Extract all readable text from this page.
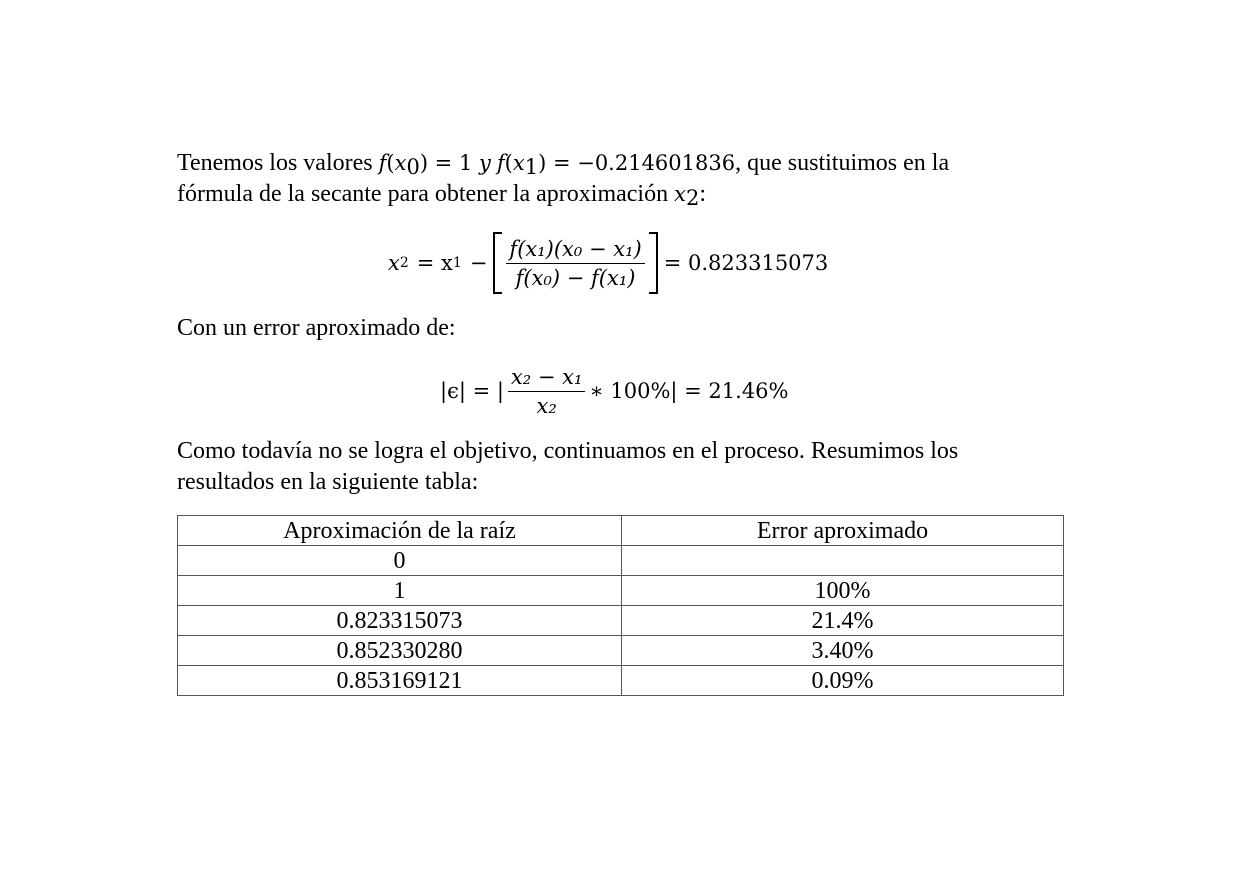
Tenemos los valores $f(x_0) = 1$ y $f(x_1) = -0.214601836$, que sustituimos en la
fórmula de la secante para obtener la aproximación $x_2$:
x 2 = x $1 - \frac{\text{f(x₁)(x₀ − x₁)}}{\text{f(x₀) − f(x₁)}} = 0.823315073$
Con un error aproximado de:
|ϵ| = | $\frac{\text{x₂ − x₁}}{\text{x₂}}$ ∗ 100%| = 21.46%
Como todavía no se logra el objetivo, continuamos en el proceso. Resumimos los
resultados en la siguiente tabla:
Aproximación de la raíz	Error aproximado
0	
1	100%
0.823315073	21.4%
0.852330280	3.40%
0.853169121	0.09%
